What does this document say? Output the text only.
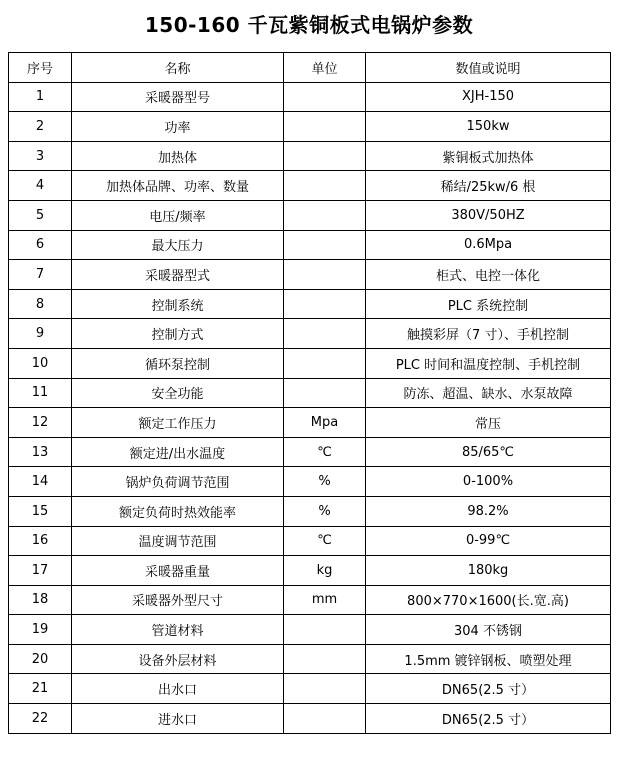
150-160 千瓦紫铜板式电锅炉参数
序号	名称	单位	数值或说明
1	采暖器型号		XJH-150
2	功率		150kw
3	加热体		紫铜板式加热体
4	加热体品牌、功率、数量		稀结/25kw/6 根
5	电压/频率		380V/50HZ
6	最大压力		0.6Mpa
7	采暖器型式		柜式、电控一体化
8	控制系统		PLC 系统控制
9	控制方式		触摸彩屏（7 寸）、手机控制
10	循环泵控制		PLC 时间和温度控制、手机控制
11	安全功能		防冻、超温、缺水、水泵故障
12	额定工作压力	Mpa	常压
13	额定进/出水温度	℃	85/65℃
14	锅炉负荷调节范围	%	0-100%
15	额定负荷时热效能率	%	98.2%
16	温度调节范围	℃	0-99℃
17	采暖器重量	kg	180kg
18	采暖器外型尺寸	mm	800×770×1600(长.宽.高)
19	管道材料		304 不锈钢
20	设备外层材料		1.5mm 镀锌钢板、喷塑处理
21	出水口		DN65(2.5 寸）
22	进水口		DN65(2.5 寸）
